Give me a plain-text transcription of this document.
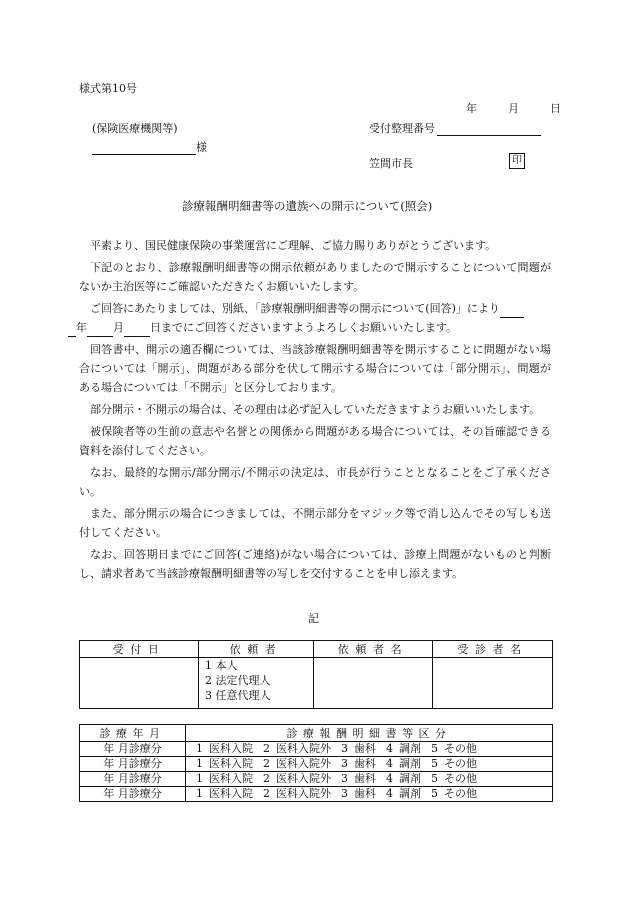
様式第10号
年	月	日
(保険医療機関等)	受付整理番号
様
笠間市長	印
診療報酬明細書等の遺族への開示について(照会)

平素より、国民健康保険の事業運営にご理解、ご協力賜りありがとうございます。

下記のとおり、診療報酬明細書等の開示依頼がありましたので開示することについて問題がないか主治医等にご確認いただきたくお願いいたします。

ご回答にあたりましては、別紙、「診療報酬明細書等の開示について(回答)」により
年 月 日までにご回答くださいますようよろしくお願いいたします。

回答書中、開示の適否欄については、当該診療報酬明細書等を開示することに問題がない場合については「開示」、問題がある部分を伏して開示する場合については「部分開示」、問題がある場合については「不開示」と区分しております。

部分開示・不開示の場合は、その理由は必ず記入していただきますようお願いいたします。

被保険者等の生前の意志や名誉との関係から問題がある場合については、その旨確認できる資料を添付してください。

なお、最終的な開示/部分開示/不開示の決定は、市長が行うこととなることをご了承ください。

また、部分開示の場合につきましては、不開示部分をマジック等で消し込んでその写しも送付してください。

なお、回答期日までにご回答(ご連絡)がない場合については、診療上問題がないものと判断し、請求者あて当該診療報酬明細書等の写しを交付することを申し添えます。

記
受付日	依頼者	依頼者名	受診者名

	1 本人
2 法定代理人
3 任意代理人		

診療年月	診療報酬明細書等区分
年 月診療分	1 医科入院 2 医科入院外 3 歯科 4 調剤 5 その他
年 月診療分	1 医科入院 2 医科入院外 3 歯科 4 調剤 5 その他
年 月診療分	1 医科入院 2 医科入院外 3 歯科 4 調剤 5 その他
年 月診療分	1 医科入院 2 医科入院外 3 歯科 4 調剤 5 その他
